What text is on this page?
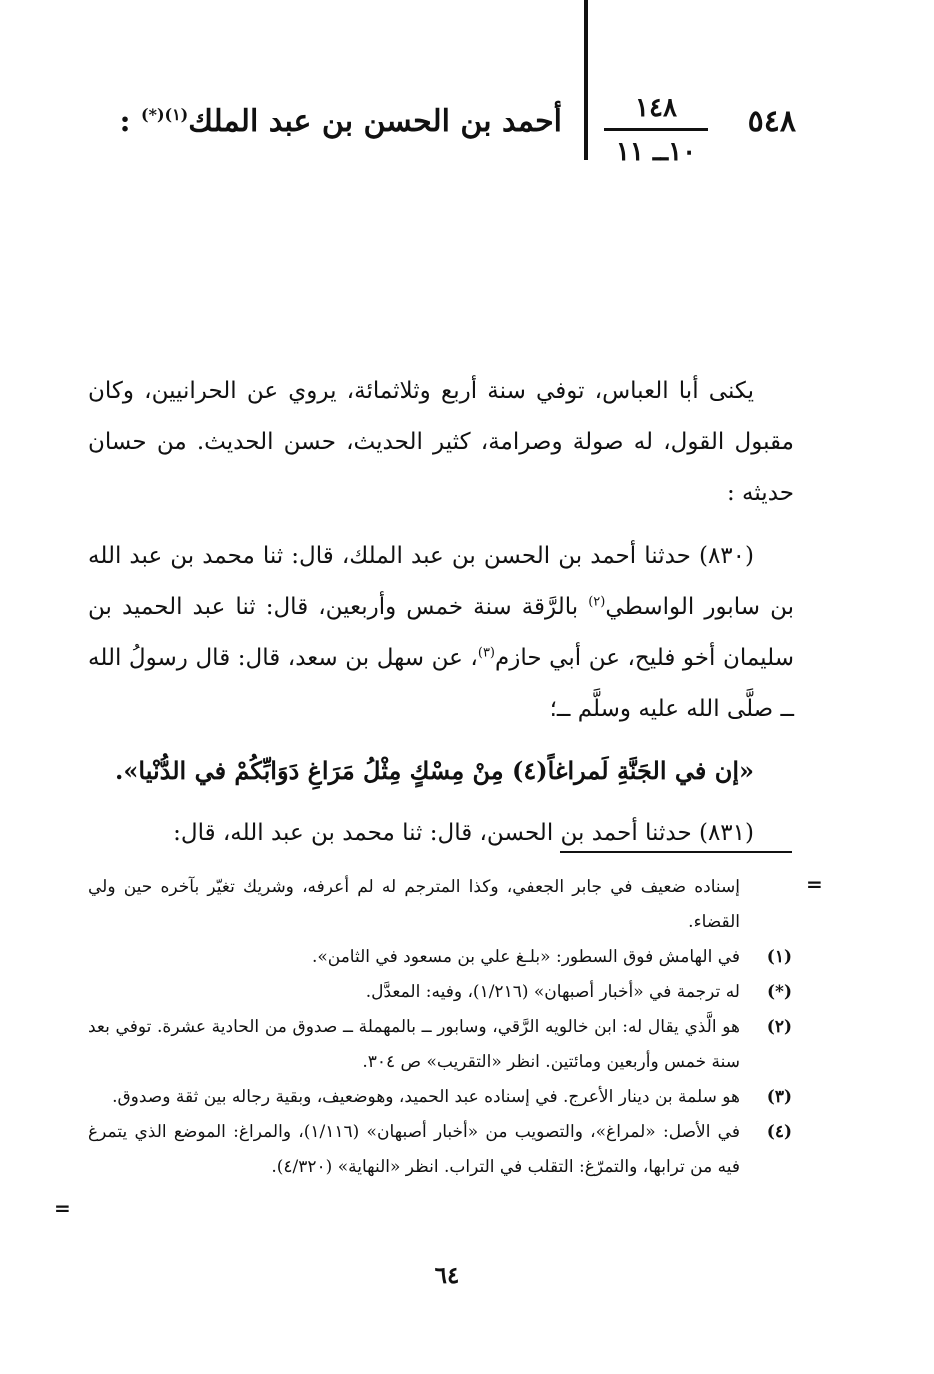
٥٤٨
١٤٨
١٠ــ ١١
أحمد بن الحسن بن عبد الملك$^{(١)(*)}$ :

يكنى أبا العباس، توفي سنة أربع وثلاثمائة، يروي عن الحرانيين، وكان مقبول القول، له صولة وصرامة، كثير الحديث، حسن الحديث. من حسان حديثه :

(٨٣٠) حدثنا أحمد بن الحسن بن عبد الملك، قال: ثنا محمد بن عبد الله بن سابور الواسطي$^{(٢)}$ بالرَّقة سنة خمس وأربعين، قال: ثنا عبد الحميد بن سليمان أخو فليح، عن أبي حازم$^{(٣)}$، عن سهل بن سعد، قال: قال رسولُ الله ــ صلَّى الله عليه وسلَّم ــ؛

«إن في الجَنَّةِ لَمراغاً(٤) مِنْ مِسْكٍ مِثْلُ مَرَاغِ دَوَابِّكُمْ في الدُّنْيا».

(٨٣١) حدثنا أحمد بن الحسن، قال: ثنا محمد بن عبد الله، قال:

=
إسناده ضعيف في جابر الجعفي، وكذا المترجم له لم أعرفه، وشريك تغيّر بآخره حين ولي القضاء.
(١)
في الهامش فوق السطور: «بلـغ علي بن مسعود في الثامن».
(*)
له ترجمة في «أخبار أصبهان» (١/٢١٦)، وفيه: المعدَّل.
(٢)
هو الَّذي يقال له: ابن خالويه الرَّقي، وسابور ــ بالمهملة ــ صدوق من الحادية عشرة. توفي بعد سنة خمس وأربعين ومائتين. انظر «التقريب» ص ٣٠٤.
(٣)
هو سلمة بن دينار الأعرج. في إسناده عبد الحميد، وهوضعيف، وبقية رجاله بين ثقة وصدوق.
(٤)
في الأصل: «لمراغ»، والتصويب من «أخبار أصبهان» (١/١١٦)، والمراغ: الموضع الذي يتمرغ فيه من ترابها، والتمرّغ: التقلب في التراب. انظر «النهاية» (٤/٣٢٠).
=
٦٤
